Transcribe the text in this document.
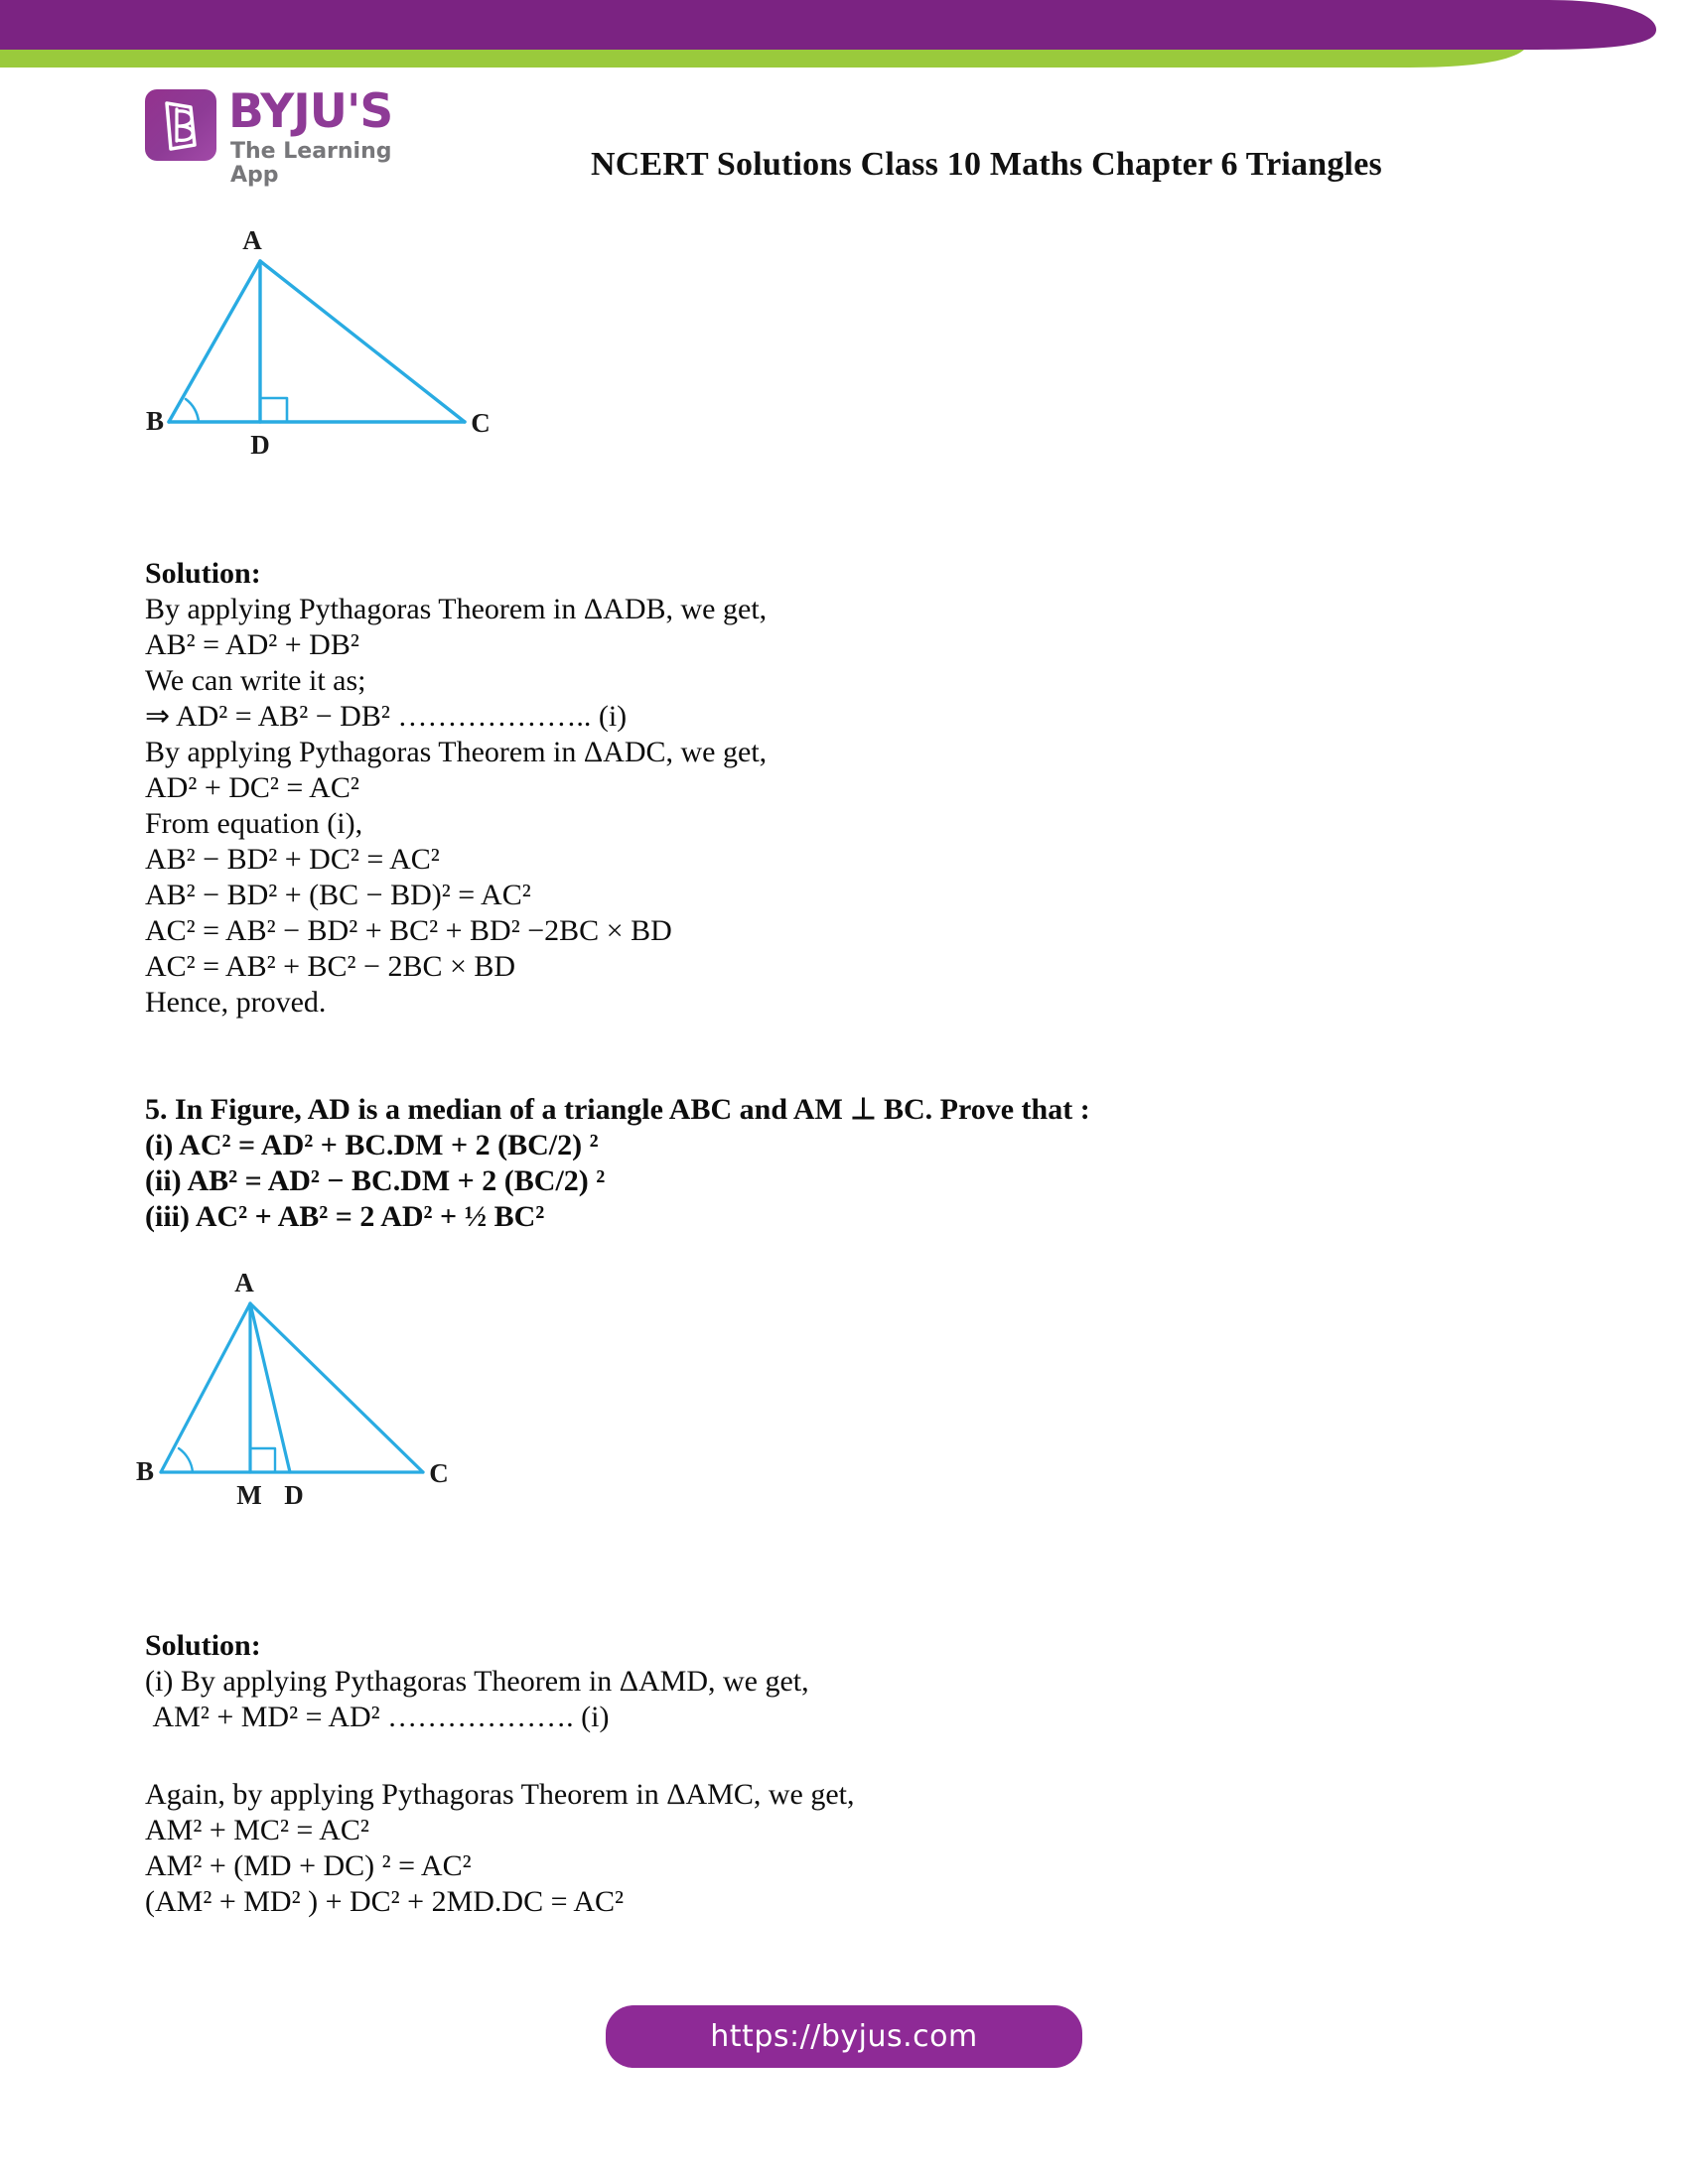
BYJU'S
The Learning App	NCERT Solutions Class 10 Maths Chapter 6 Triangles
A
B	C
D
A
B
M D
C
Solution:
By applying Pythagoras Theorem in ΔADB, we get,
AB² = AD² + DB²
We can write it as;
⇒ AD² = AB² − DB² ……………….. (i)
By applying Pythagoras Theorem in ΔADC, we get,
AD² + DC² = AC²
From equation (i),
AB² − BD² + DC² = AC²
AB² − BD² + (BC − BD)² = AC²
AC² = AB² − BD² + BC² + BD² −2BC × BD
AC² = AB² + BC² − 2BC × BD
Hence, proved.
5. In Figure, AD is a median of a triangle ABC and AM ⊥ BC. Prove that :
(i) AC² = AD² + BC.DM + 2 (BC/2) ²
(ii) AB² = AD² − BC.DM + 2 (BC/2) ²
(iii) AC² + AB² = 2 AD² + ½ BC²
Solution:
(i) By applying Pythagoras Theorem in ΔAMD, we get,
AM² + MD² = AD² ………………. (i)
Again, by applying Pythagoras Theorem in ΔAMC, we get,
AM² + MC² = AC²
AM² + (MD + DC) ² = AC²
(AM² + MD² ) + DC² + 2MD.DC = AC²
https://byjus.com
